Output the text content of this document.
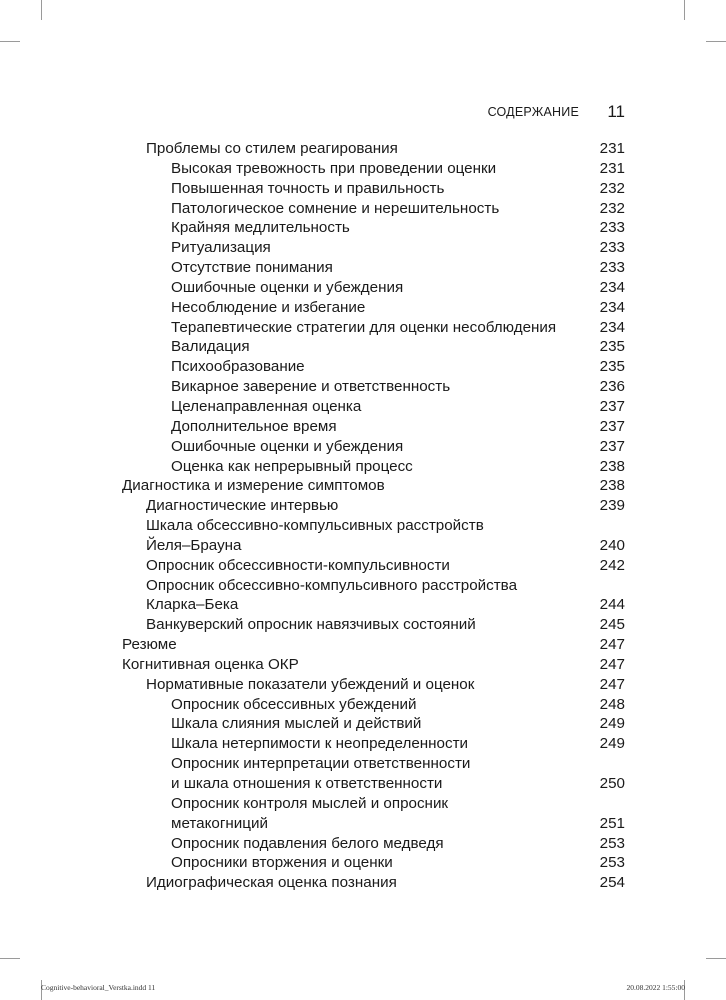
СОДЕРЖАНИЕ 11
Проблемы со стилем реагирования	231
Высокая тревожность при проведении оценки	231
Повышенная точность и правильность	232
Патологическое сомнение и нерешительность	232
Крайняя медлительность	233
Ритуализация	233
Отсутствие понимания	233
Ошибочные оценки и убеждения	234
Несоблюдение и избегание	234
Терапевтические стратегии для оценки несоблюдения	234
Валидация	235
Психообразование	235
Викарное заверение и ответственность	236
Целенаправленная оценка	237
Дополнительное время	237
Ошибочные оценки и убеждения	237
Оценка как непрерывный процесс	238
Диагностика и измерение симптомов	238
Диагностические интервью	239
Шкала обсессивно-компульсивных расстройств
Йеля–Брауна	240
Опросник обсессивности-компульсивности	242
Опросник обсессивно-компульсивного расстройства
Кларка–Бека	244
Ванкуверский опросник навязчивых состояний	245
Резюме	247
Когнитивная оценка ОКР	247
Нормативные показатели убеждений и оценок	247
Опросник обсессивных убеждений	248
Шкала слияния мыслей и действий	249
Шкала нетерпимости к неопределенности	249
Опросник интерпретации ответственности
и шкала отношения к ответственности	250
Опросник контроля мыслей и опросник
метакогниций	251
Опросник подавления белого медведя	253
Опросники вторжения и оценки	253
Идиографическая оценка познания	254
Cognitive-behavioral_Verstka.indd 11	20.08.2022 1:55:00
